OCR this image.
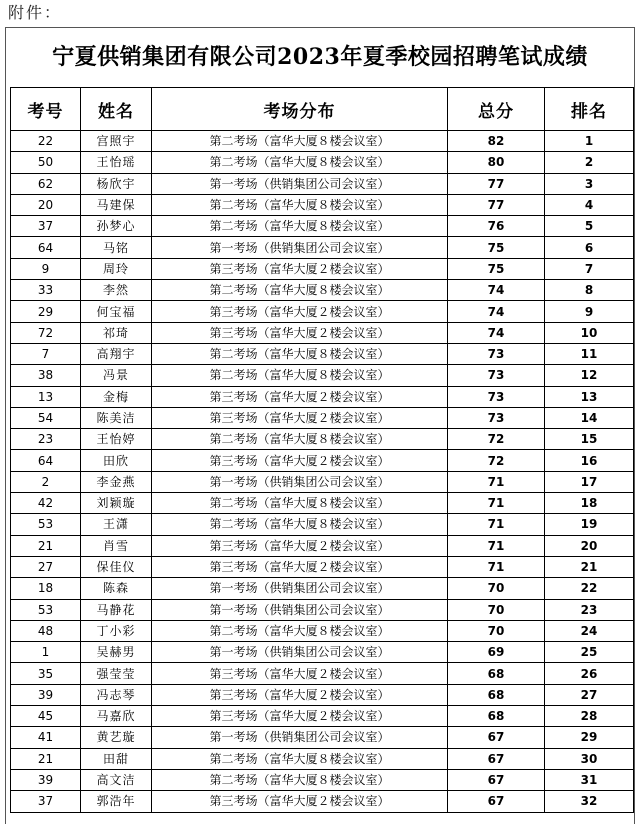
附件：
宁夏供销集团有限公司2023年夏季校园招聘笔试成绩
考号	姓名	考场分布	总分	排名
22	宫照宇	第二考场（富华大厦８楼会议室）	82	1
50	王怡瑶	第二考场（富华大厦８楼会议室）	80	2
62	杨欣宇	第一考场（供销集团公司会议室）	77	3
20	马建保	第二考场（富华大厦８楼会议室）	77	4
37	孙梦心	第二考场（富华大厦８楼会议室）	76	5
64	马铭	第一考场（供销集团公司会议室）	75	6
9	周玲	第三考场（富华大厦２楼会议室）	75	7
33	李然	第二考场（富华大厦８楼会议室）	74	8
29	何宝福	第三考场（富华大厦２楼会议室）	74	9
72	祁琦	第三考场（富华大厦２楼会议室）	74	10
7	高翔宇	第二考场（富华大厦８楼会议室）	73	11
38	冯景	第二考场（富华大厦８楼会议室）	73	12
13	金梅	第三考场（富华大厦２楼会议室）	73	13
54	陈美洁	第三考场（富华大厦２楼会议室）	73	14
23	王怡婷	第二考场（富华大厦８楼会议室）	72	15
64	田欣	第三考场（富华大厦２楼会议室）	72	16
2	李金燕	第一考场（供销集团公司会议室）	71	17
42	刘颖璇	第二考场（富华大厦８楼会议室）	71	18
53	王潇	第二考场（富华大厦８楼会议室）	71	19
21	肖雪	第三考场（富华大厦２楼会议室）	71	20
27	保佳仪	第三考场（富华大厦２楼会议室）	71	21
18	陈森	第一考场（供销集团公司会议室）	70	22
53	马静花	第一考场（供销集团公司会议室）	70	23
48	丁小彩	第二考场（富华大厦８楼会议室）	70	24
1	吴赫男	第一考场（供销集团公司会议室）	69	25
35	强莹莹	第三考场（富华大厦２楼会议室）	68	26
39	冯志琴	第三考场（富华大厦２楼会议室）	68	27
45	马嘉欣	第三考场（富华大厦２楼会议室）	68	28
41	黄艺璇	第一考场（供销集团公司会议室）	67	29
21	田甜	第二考场（富华大厦８楼会议室）	67	30
39	高文洁	第二考场（富华大厦８楼会议室）	67	31
37	郭浩年	第三考场（富华大厦２楼会议室）	67	32
